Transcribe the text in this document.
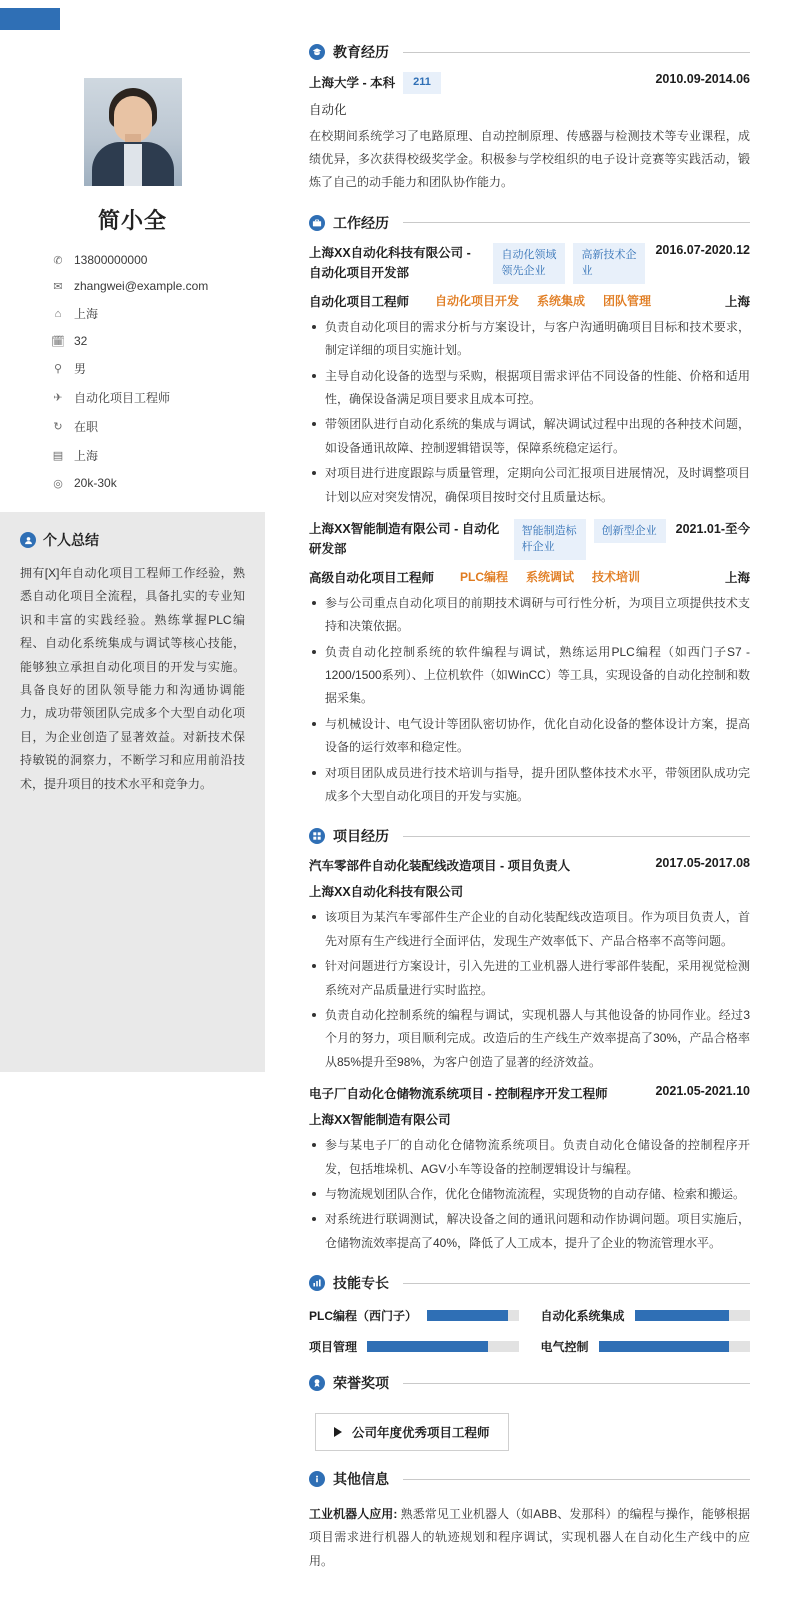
简小全
✆ 13800000000
✉ zhangwei@example.com
⌂	上海
🗓 32
⚲ 男
✈ 自动化项目工程师
↻ 在职
▤ 上海
◎ 20k-30k
个人总结
拥有[X]年自动化项目工程师工作经验，熟悉自动化项目全流程，具备扎实的专业知识和丰富的实践经验。熟练掌握PLC编程、自动化系统集成与调试等核心技能，能够独立承担自动化项目的开发与实施。具备良好的团队领导能力和沟通协调能力，成功带领团队完成多个大型自动化项目，为企业创造了显著效益。对新技术保持敏锐的洞察力，不断学习和应用前沿技术，提升项目的技术水平和竞争力。
教育经历
上海大学 - 本科 211	2010.09-2014.06
自动化
在校期间系统学习了电路原理、自动控制原理、传感器与检测技术等专业课程，成绩优异，多次获得校级奖学金。积极参与学校组织的电子设计竞赛等实践活动，锻炼了自己的动手能力和团队协作能力。
工作经历
上海XX自动化科技有限公司 - 自动化项目开发部
自动化领域领先企业
高新技术企业
2016.07-2020.12
自动化项目工程师 自动化项目开发 系统集成 团队管理	上海
负责自动化项目的需求分析与方案设计，与客户沟通明确项目目标和技术要求，制定详细的项目实施计划。
主导自动化设备的选型与采购，根据项目需求评估不同设备的性能、价格和适用性，确保设备满足项目要求且成本可控。
带领团队进行自动化系统的集成与调试，解决调试过程中出现的各种技术问题，如设备通讯故障、控制逻辑错误等，保障系统稳定运行。
对项目进行进度跟踪与质量管理，定期向公司汇报项目进展情况，及时调整项目计划以应对突发情况，确保项目按时交付且质量达标。
上海XX智能制造有限公司 - 自动化研发部
智能制造标杆企业
创新型企业	2021.01-至今
高级自动化项目工程师 PLC编程 系统调试 技术培训	上海
参与公司重点自动化项目的前期技术调研与可行性分析，为项目立项提供技术支持和决策依据。
负责自动化控制系统的软件编程与调试，熟练运用PLC编程（如西门子S7 - 1200/1500系列）、上位机软件（如WinCC）等工具，实现设备的自动化控制和数据采集。
与机械设计、电气设计等团队密切协作，优化自动化设备的整体设计方案，提高设备的运行效率和稳定性。
对项目团队成员进行技术培训与指导，提升团队整体技术水平，带领团队成功完成多个大型自动化项目的开发与实施。
项目经历
汽车零部件自动化装配线改造项目 - 项目负责人	2017.05-2017.08
上海XX自动化科技有限公司
该项目为某汽车零部件生产企业的自动化装配线改造项目。作为项目负责人，首先对原有生产线进行全面评估，发现生产效率低下、产品合格率不高等问题。
针对问题进行方案设计，引入先进的工业机器人进行零部件装配，采用视觉检测系统对产品质量进行实时监控。
负责自动化控制系统的编程与调试，实现机器人与其他设备的协同作业。经过3个月的努力，项目顺利完成。改造后的生产线生产效率提高了30%，产品合格率从85%提升至98%，为客户创造了显著的经济效益。
电子厂自动化仓储物流系统项目 - 控制程序开发工程师	2021.05-2021.10
上海XX智能制造有限公司
参与某电子厂的自动化仓储物流系统项目。负责自动化仓储设备的控制程序开发，包括堆垛机、AGV小车等设备的控制逻辑设计与编程。
与物流规划团队合作，优化仓储物流流程，实现货物的自动存储、检索和搬运。
对系统进行联调测试，解决设备之间的通讯问题和动作协调问题。项目实施后，仓储物流效率提高了40%，降低了人工成本，提升了企业的物流管理水平。
技能专长
PLC编程（西门子）	自动化系统集成
项目管理	电气控制
荣誉奖项
公司年度优秀项目工程师
其他信息
工业机器人应用: 熟悉常见工业机器人（如ABB、发那科）的编程与操作，能够根据项目需求进行机器人的轨迹规划和程序调试，实现机器人在自动化生产线中的应用。
